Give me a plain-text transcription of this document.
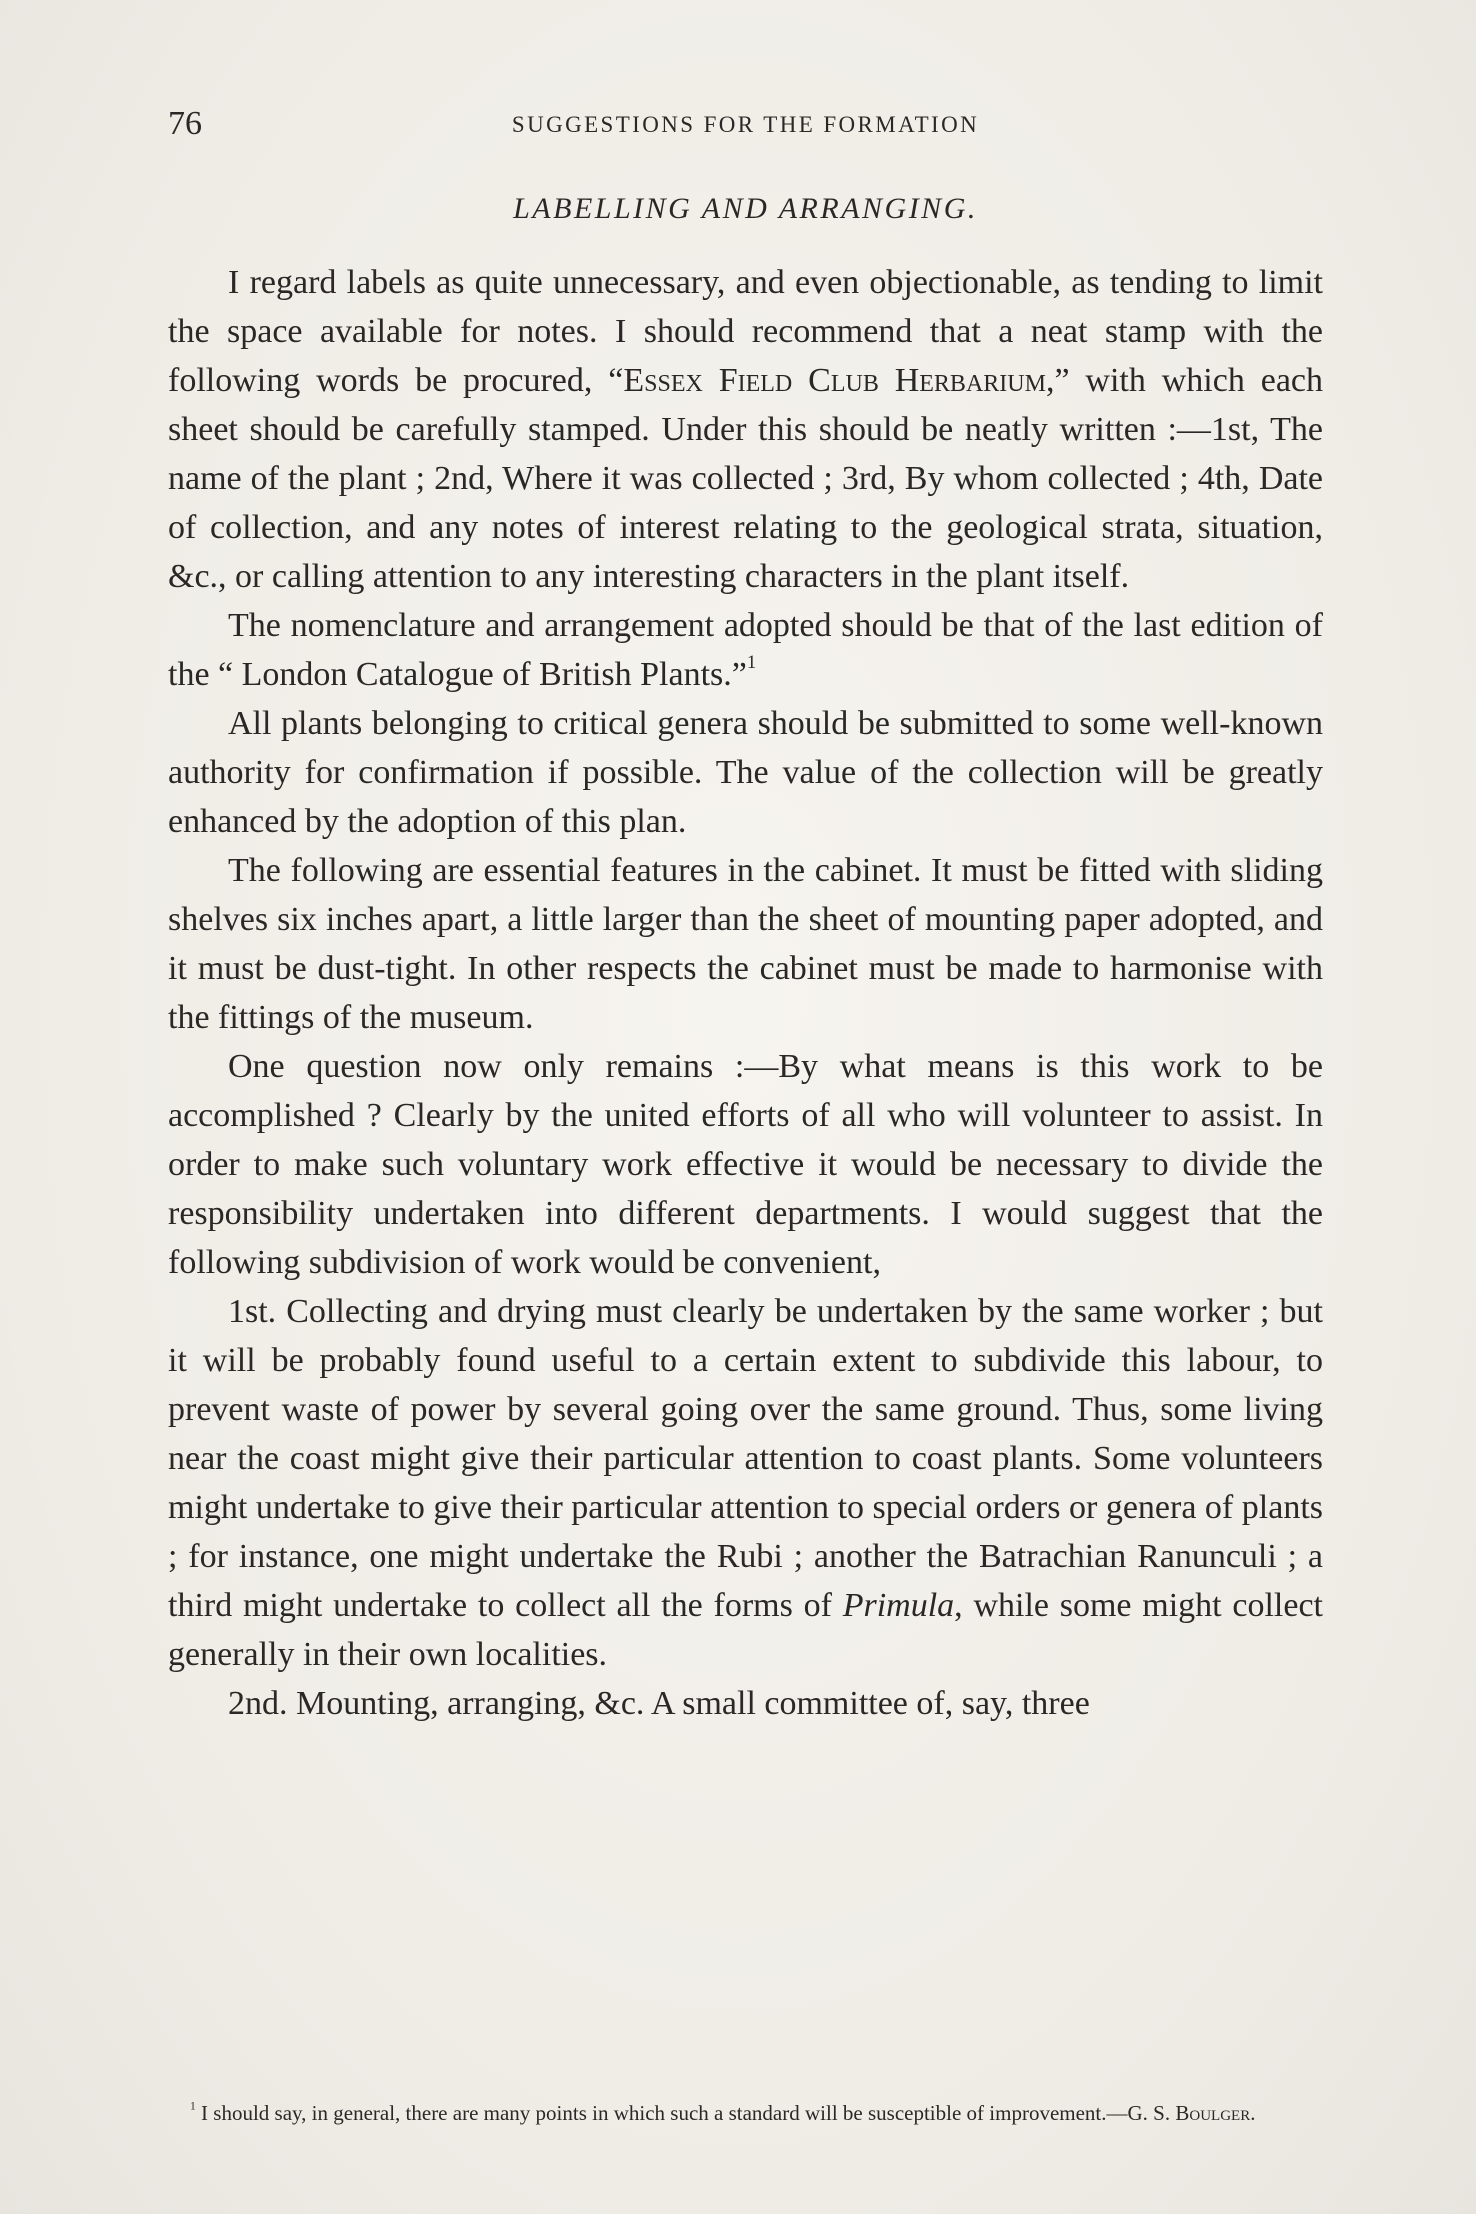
76	SUGGESTIONS FOR THE FORMATION
LABELLING AND ARRANGING.

I regard labels as quite unnecessary, and even objectionable, as tending to limit the space available for notes. I should recommend that a neat stamp with the following words be procured, “Essex Field Club Herbarium,” with which each sheet should be carefully stamped. Under this should be neatly written :—1st, The name of the plant ; 2nd, Where it was collected ; 3rd, By whom collected ; 4th, Date of collection, and any notes of interest relating to the geological strata, situation, &c., or calling attention to any interesting characters in the plant itself.

The nomenclature and arrangement adopted should be that of the last edition of the “ London Catalogue of British Plants.”$^1$

All plants belonging to critical genera should be submitted to some well-known authority for confirmation if possible. The value of the collection will be greatly enhanced by the adoption of this plan.

The following are essential features in the cabinet. It must be fitted with sliding shelves six inches apart, a little larger than the sheet of mounting paper adopted, and it must be dust-tight. In other respects the cabinet must be made to harmonise with the fittings of the museum.

One question now only remains :—By what means is this work to be accomplished ? Clearly by the united efforts of all who will volunteer to assist. In order to make such voluntary work effective it would be necessary to divide the responsibility undertaken into different departments. I would suggest that the following subdivision of work would be convenient,

1st. Collecting and drying must clearly be undertaken by the same worker ; but it will be probably found useful to a certain extent to subdivide this labour, to prevent waste of power by several going over the same ground. Thus, some living near the coast might give their particular attention to coast plants. Some volunteers might undertake to give their particular attention to special orders or genera of plants ; for instance, one might undertake the Rubi ; another the Batrachian Ranunculi ; a third might undertake to collect all the forms of Primula, while some might collect generally in their own localities.

2nd. Mounting, arranging, &c. A small committee of, say, three

$^1$ I should say, in general, there are many points in which such a standard will be susceptible of improvement.—G. S. Boulger.
